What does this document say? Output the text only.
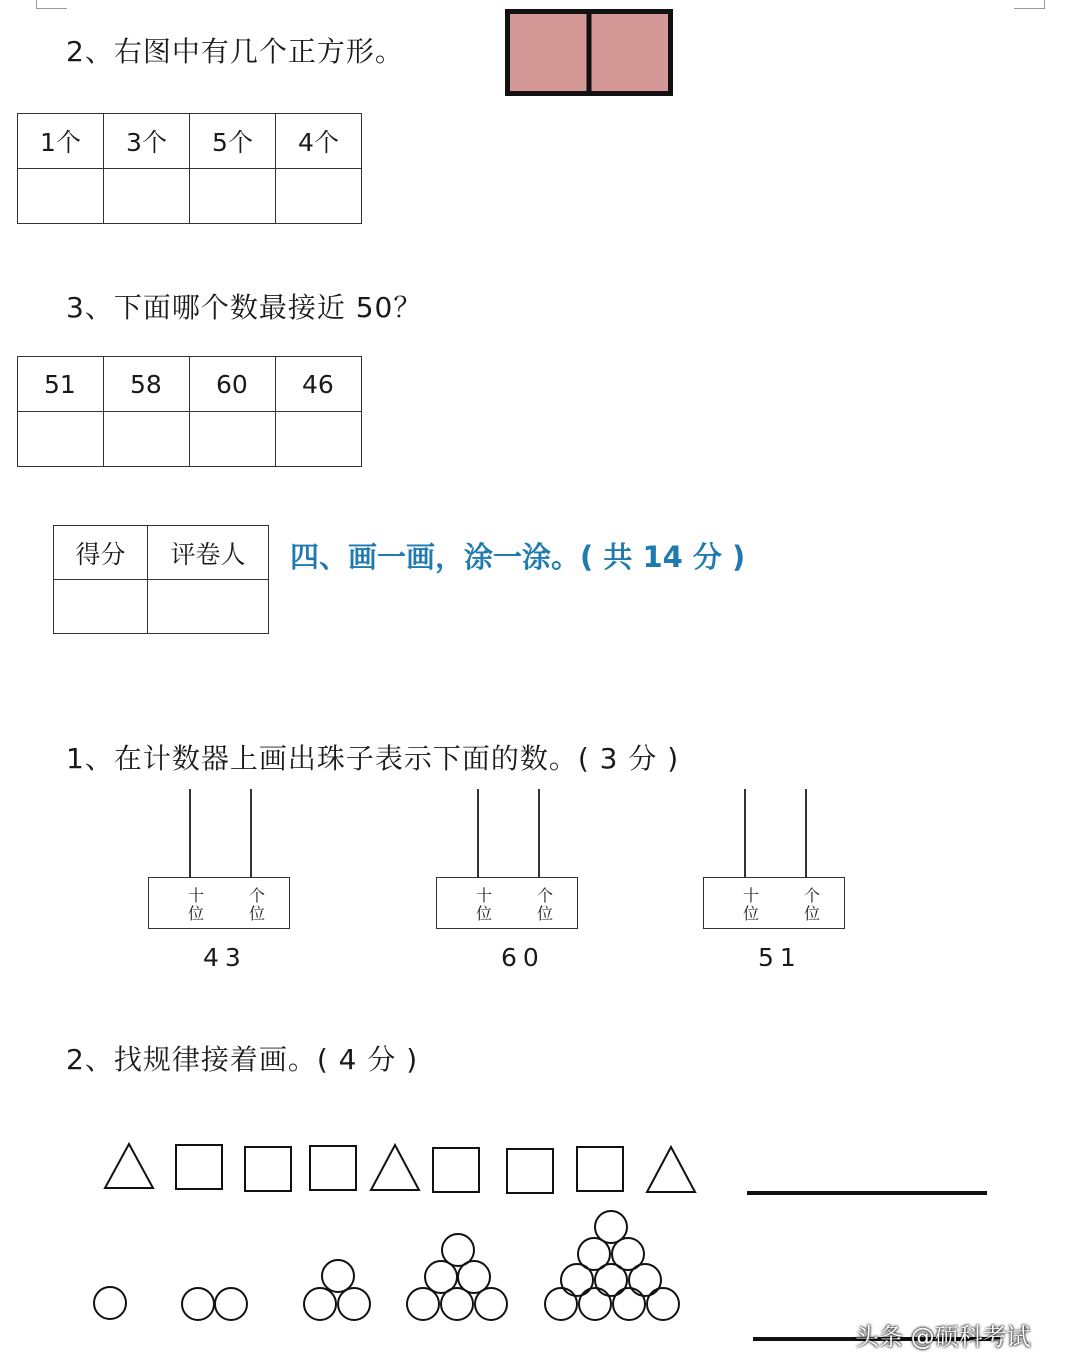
2、右图中有几个正方形。
1个	3个	5个	4个

3、下面哪个数最接近 50？
51	58	60	46

得分	评卷人
	四、画一画，涂一涂。( 共 14 分 )
1、在计数器上画出珠子表示下面的数。( 3 分 )
十
位
个
位
43
十
位
个
位
60
十
位
个
位
51
2、找规律接着画。( 4 分 )
头条 @硕科考试
